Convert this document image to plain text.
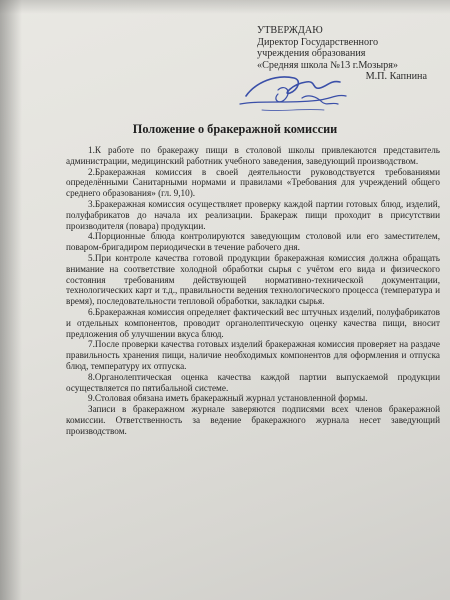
УТВЕРЖДАЮ
Директор Государственного
учреждения образования
«Средняя школа №13 г.Мозыря»
М.П. Капнина
Положение о бракеражной комиссии

1.К работе по бракеражу пищи в столовой школы привлекаются представитель администрации, медицинский работник учебного заведения, заведующий производством.

2.Бракеражная комиссия в своей деятельности руководствуется требованиями определёнными Санитарными нормами и правилами «Требования для учреждений общего среднего образования» (гл. 9,10).

3.Бракеражная комиссия осуществляет проверку каждой партии готовых блюд, изделий, полуфабрикатов до начала их реализации. Бракераж пищи проходит в присутствии производителя (повара) продукции.

4.Порционные блюда контролируются заведующим столовой или его заместителем, поваром-бригадиром периодически в течение рабочего дня.

5.При контроле качества готовой продукции бракеражная комиссия должна обращать внимание на соответствие холодной обработки сырья с учётом его вида и физического состояния требованиям действующей нормативно-технической документации, технологических карт и т.д., правильности ведения технологического процесса (температура и время), последовательности тепловой обработки, закладки сырья.

6.Бракеражная комиссия определяет фактический вес штучных изделий, полуфабрикатов и отдельных компонентов, проводит органолептическую оценку качества пищи, вносит предложения об улучшении вкуса блюд.

7.После проверки качества готовых изделий бракеражная комиссия проверяет на раздаче правильность хранения пищи, наличие необходимых компонентов для оформления и отпуска блюд, температуру их отпуска.

8.Органолептическая оценка качества каждой партии выпускаемой продукции осуществляется по пятибальной системе.

9.Столовая обязана иметь бракеражный журнал установленной формы.

Записи в бракеражном журнале заверяются подписями всех членов бракеражной комиссии. Ответственность за ведение бракеражного журнала несет заведующий производством.
